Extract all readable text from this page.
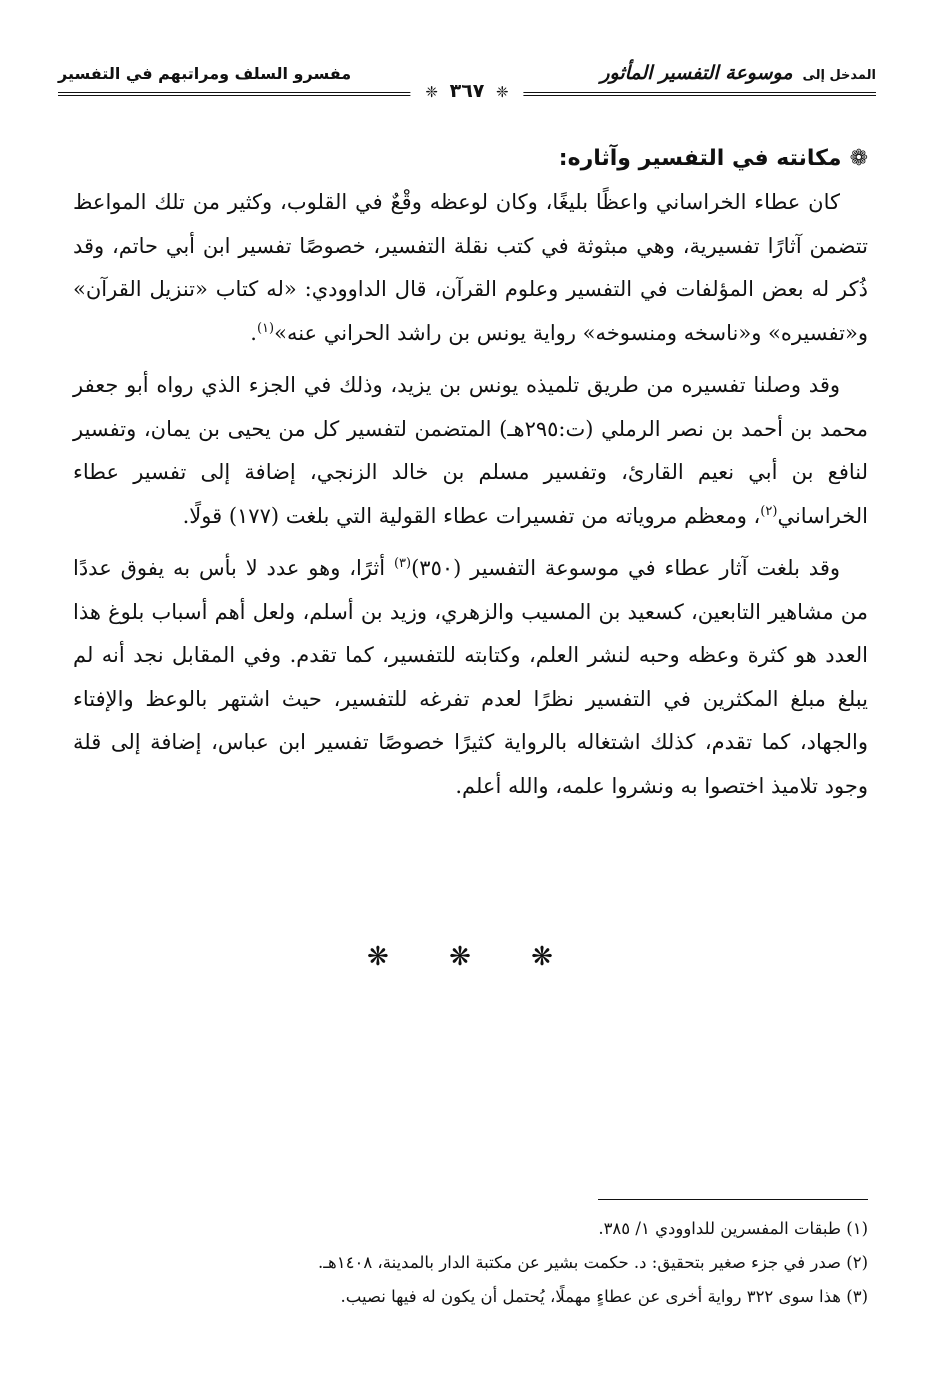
المدخل إلى موسوعة التفسير المأثور
❈ ٣٦٧ ❈
مفسرو السلف ومراتبهم في التفسير

❁مكانته في التفسير وآثاره:

كان عطاء الخراساني واعظًا بليغًا، وكان لوعظه وقْعٌ في القلوب، وكثير من تلك المواعظ تتضمن آثارًا تفسيرية، وهي مبثوثة في كتب نقلة التفسير، خصوصًا تفسير ابن أبي حاتم، وقد ذُكر له بعض المؤلفات في التفسير وعلوم القرآن، قال الداوودي: «له كتاب «تنزيل القرآن» و«تفسيره» و«ناسخه ومنسوخه» رواية يونس بن راشد الحراني عنه»$^{(١)}$.

وقد وصلنا تفسيره من طريق تلميذه يونس بن يزيد، وذلك في الجزء الذي رواه أبو جعفر محمد بن أحمد بن نصر الرملي (ت:٢٩٥هـ) المتضمن لتفسير كل من يحيى بن يمان، وتفسير لنافع بن أبي نعيم القارئ، وتفسير مسلم بن خالد الزنجي، إضافة إلى تفسير عطاء الخراساني$^{(٢)}$، ومعظم مروياته من تفسيرات عطاء القولية التي بلغت (١٧٧) قولًا.

وقد بلغت آثار عطاء في موسوعة التفسير (٣٥٠)$^{(٣)}$ أثرًا، وهو عدد لا بأس به يفوق عددًا من مشاهير التابعين، كسعيد بن المسيب والزهري، وزيد بن أسلم، ولعل أهم أسباب بلوغ هذا العدد هو كثرة وعظه وحبه لنشر العلم، وكتابته للتفسير، كما تقدم. وفي المقابل نجد أنه لم يبلغ مبلغ المكثرين في التفسير نظرًا لعدم تفرغه للتفسير، حيث اشتهر بالوعظ والإفتاء والجهاد، كما تقدم، كذلك اشتغاله بالرواية كثيرًا خصوصًا تفسير ابن عباس، إضافة إلى قلة وجود تلاميذ اختصوا به ونشروا علمه، والله أعلم.

❋ ❋ ❋

(١) طبقات المفسرين للداوودي ١/ ٣٨٥.

(٢) صدر في جزء صغير بتحقيق: د. حكمت بشير عن مكتبة الدار بالمدينة، ١٤٠٨هـ.

(٣) هذا سوى ٣٢٢ رواية أخرى عن عطاءٍ مهملًا، يُحتمل أن يكون له فيها نصيب.
